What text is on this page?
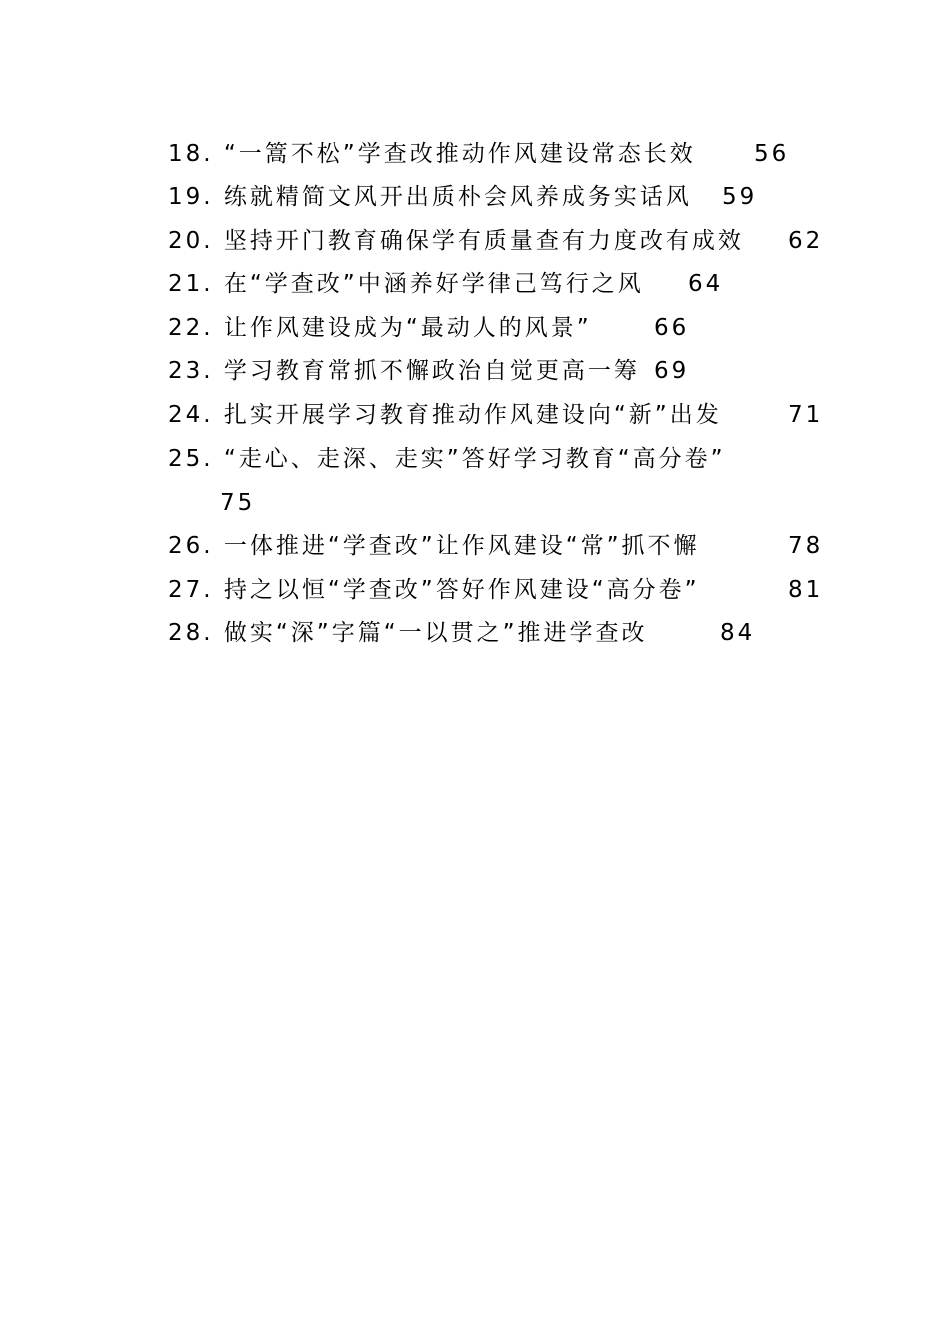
18. “一篙不松”学查改推动作风建设常态长效	56
19. 练就精简文风开出质朴会风养成务实话风 59
20. 坚持开门教育确保学有质量查有力度改有成效 62
21. 在“学查改”中涵养好学律己笃行之风 64
22. 让作风建设成为“最动人的风景”	66
23. 学习教育常抓不懈政治自觉更高一筹 69
24. 扎实开展学习教育推动作风建设向“新”出发	71
25. “走心、走深、走实”答好学习教育“高分卷”
75
26. 一体推进“学查改”让作风建设“常”抓不懈	78
27. 持之以恒“学查改”答好作风建设“高分卷”	81
28. 做实“深”字篇“一以贯之”推进学查改	84
